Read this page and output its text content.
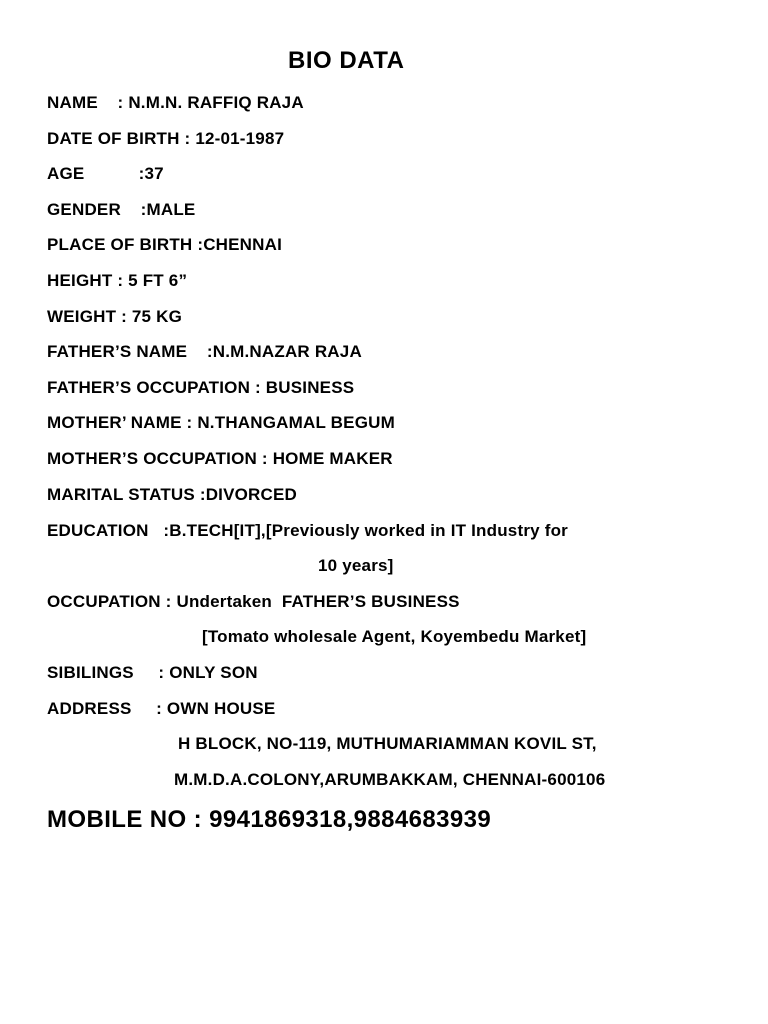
BIO DATA
NAME    : N.M.N. RAFFIQ RAJA
DATE OF BIRTH : 12-01-1987
AGE           :37
GENDER    :MALE
PLACE OF BIRTH :CHENNAI
HEIGHT : 5 FT 6”
WEIGHT : 75 KG
FATHER’S NAME    :N.M.NAZAR RAJA
FATHER’S OCCUPATION : BUSINESS
MOTHER’ NAME : N.THANGAMAL BEGUM
MOTHER’S OCCUPATION : HOME MAKER
MARITAL STATUS :DIVORCED
EDUCATION   :B.TECH[IT],[Previously worked in IT Industry for
10 years]
OCCUPATION : Undertaken  FATHER’S BUSINESS
[Tomato wholesale Agent, Koyembedu Market]
SIBILINGS     : ONLY SON
ADDRESS     : OWN HOUSE
H BLOCK, NO-119, MUTHUMARIAMMAN KOVIL ST,
M.M.D.A.COLONY,ARUMBAKKAM, CHENNAI-600106
MOBILE NO : 9941869318,9884683939
